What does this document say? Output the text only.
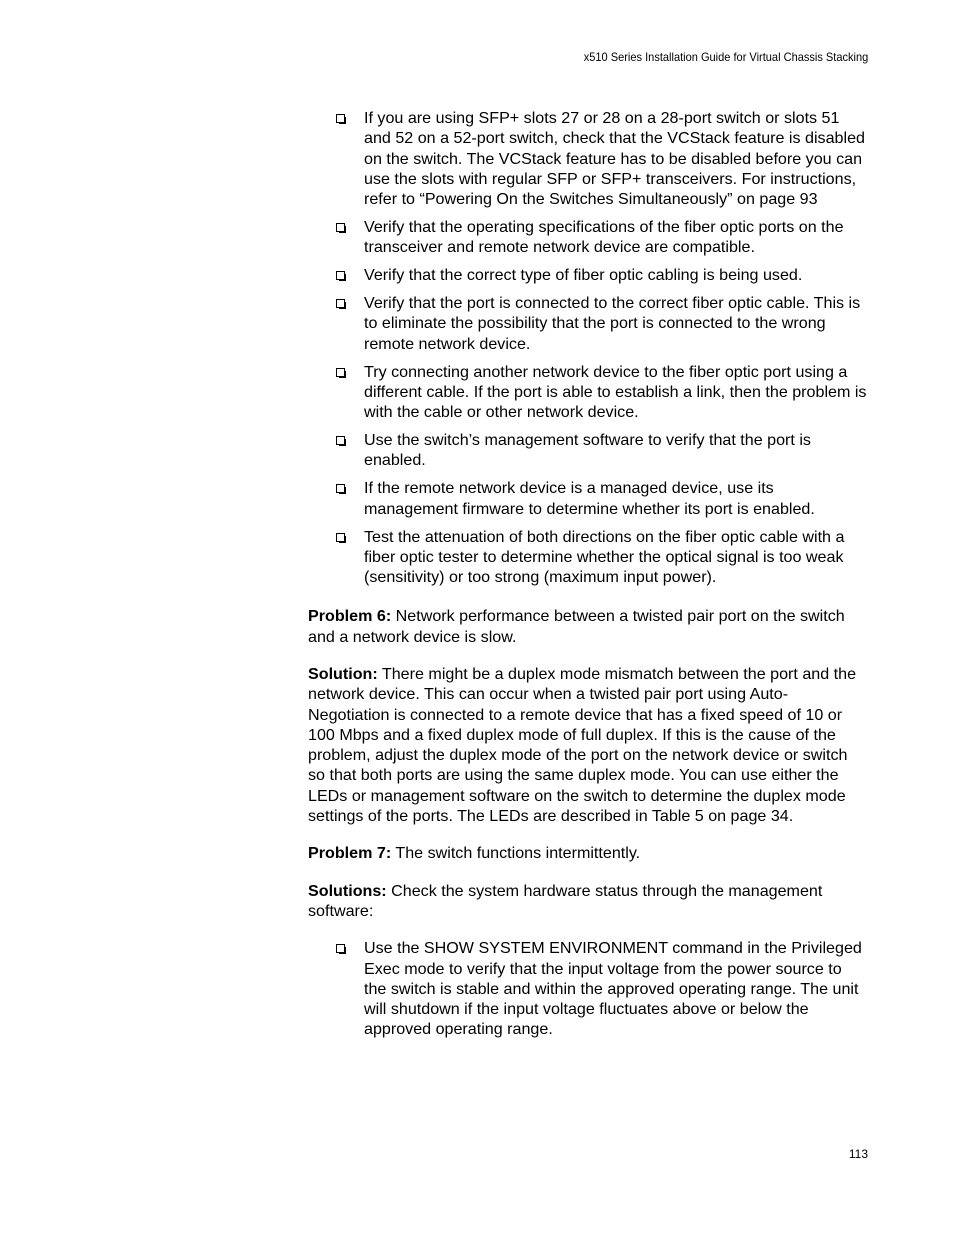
x510 Series Installation Guide for Virtual Chassis Stacking
If you are using SFP+ slots 27 or 28 on a 28-port switch or slots 51 and 52 on a 52-port switch, check that the VCStack feature is disabled on the switch. The VCStack feature has to be disabled before you can use the slots with regular SFP or SFP+ transceivers. For instructions, refer to “Powering On the Switches Simultaneously” on page 93
Verify that the operating specifications of the fiber optic ports on the transceiver and remote network device are compatible.
Verify that the correct type of fiber optic cabling is being used.
Verify that the port is connected to the correct fiber optic cable. This is to eliminate the possibility that the port is connected to the wrong remote network device.
Try connecting another network device to the fiber optic port using a different cable. If the port is able to establish a link, then the problem is with the cable or other network device.
Use the switch’s management software to verify that the port is enabled.
If the remote network device is a managed device, use its management firmware to determine whether its port is enabled.
Test the attenuation of both directions on the fiber optic cable with a fiber optic tester to determine whether the optical signal is too weak (sensitivity) or too strong (maximum input power).

Problem 6: Network performance between a twisted pair port on the switch and a network device is slow.

Solution: There might be a duplex mode mismatch between the port and the network device. This can occur when a twisted pair port using Auto-Negotiation is connected to a remote device that has a fixed speed of 10 or 100 Mbps and a fixed duplex mode of full duplex. If this is the cause of the problem, adjust the duplex mode of the port on the network device or switch so that both ports are using the same duplex mode. You can use either the LEDs or management software on the switch to determine the duplex mode settings of the ports. The LEDs are described in Table 5 on page 34.

Problem 7: The switch functions intermittently.

Solutions: Check the system hardware status through the management software:

Use the SHOW SYSTEM ENVIRONMENT command in the Privileged Exec mode to verify that the input voltage from the power source to the switch is stable and within the approved operating range. The unit will shutdown if the input voltage fluctuates above or below the approved operating range.
113
